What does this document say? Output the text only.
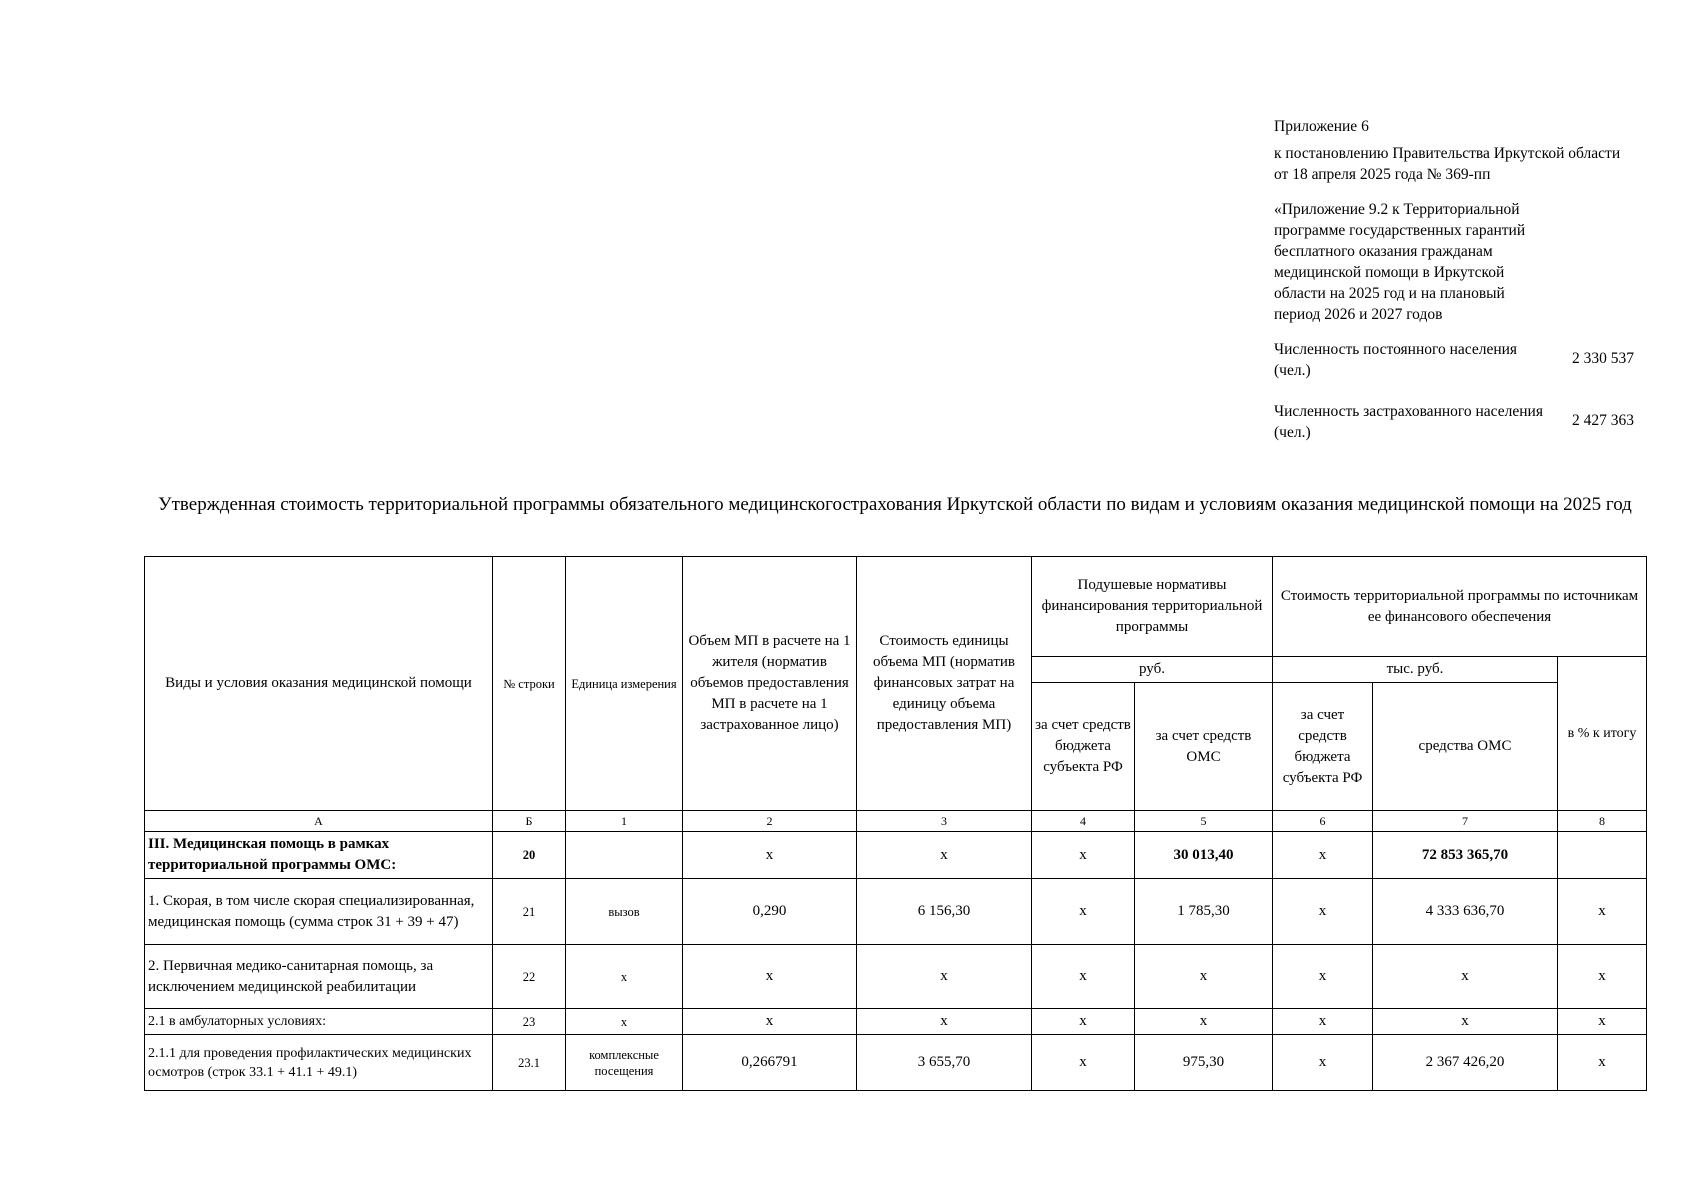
Приложение 6
к постановлению Правительства Иркутской области
от 18 апреля 2025 года № 369-пп
«Приложение 9.2 к Территориальной программе государственных гарантий бесплатного оказания гражданам медицинской помощи в Иркутской области на 2025 год и на плановый период 2026 и 2027 годов
Численность постоянного населения (чел.)
2 330 537
Численность застрахованного населения (чел.)
2 427 363
Утвержденная стоимость территориальной программы обязательного медицинскогострахования Иркутской области по видам и условиям оказания медицинской помощи на 2025 год
Виды и условия оказания медицинской помощи	№ строки	Единица измерения	Объем МП в расчете на 1 жителя (норматив объемов предоставления МП в расчете на 1 застрахованное лицо)	Стоимость единицы объема МП (норматив финансовых затрат на единицу объема предоставления МП)	Подушевые нормативы финансирования территориальной программы		Стоимость территориальной программы по источникам ее финансового обеспечения		
					руб.		тыс. руб.		в % к итогу
					за счет средств бюджета субъекта РФ	за счет средств ОМС	за счет средств бюджета субъекта РФ	средства ОМС	
А	Б	1	2	3	4	5	6	7	8
III. Медицинская помощь в рамках территориальной программы ОМС:	20		х	х	х	30 013,40	х	72 853 365,70	
1. Скорая, в том числе скорая специализированная, медицинская помощь (сумма строк 31 + 39 + 47)	21	вызов	0,290	6 156,30	х	1 785,30	х	4 333 636,70	х
2. Первичная медико-санитарная помощь, за исключением медицинской реабилитации	22	х	х	х	х	х	х	х	х
2.1 в амбулаторных условиях:	23	х	х	х	х	х	х	х	х
2.1.1 для проведения профилактических медицинских осмотров (строк 33.1 + 41.1 + 49.1)	23.1	комплексные посещения	0,266791	3 655,70	х	975,30	х	2 367 426,20	х
